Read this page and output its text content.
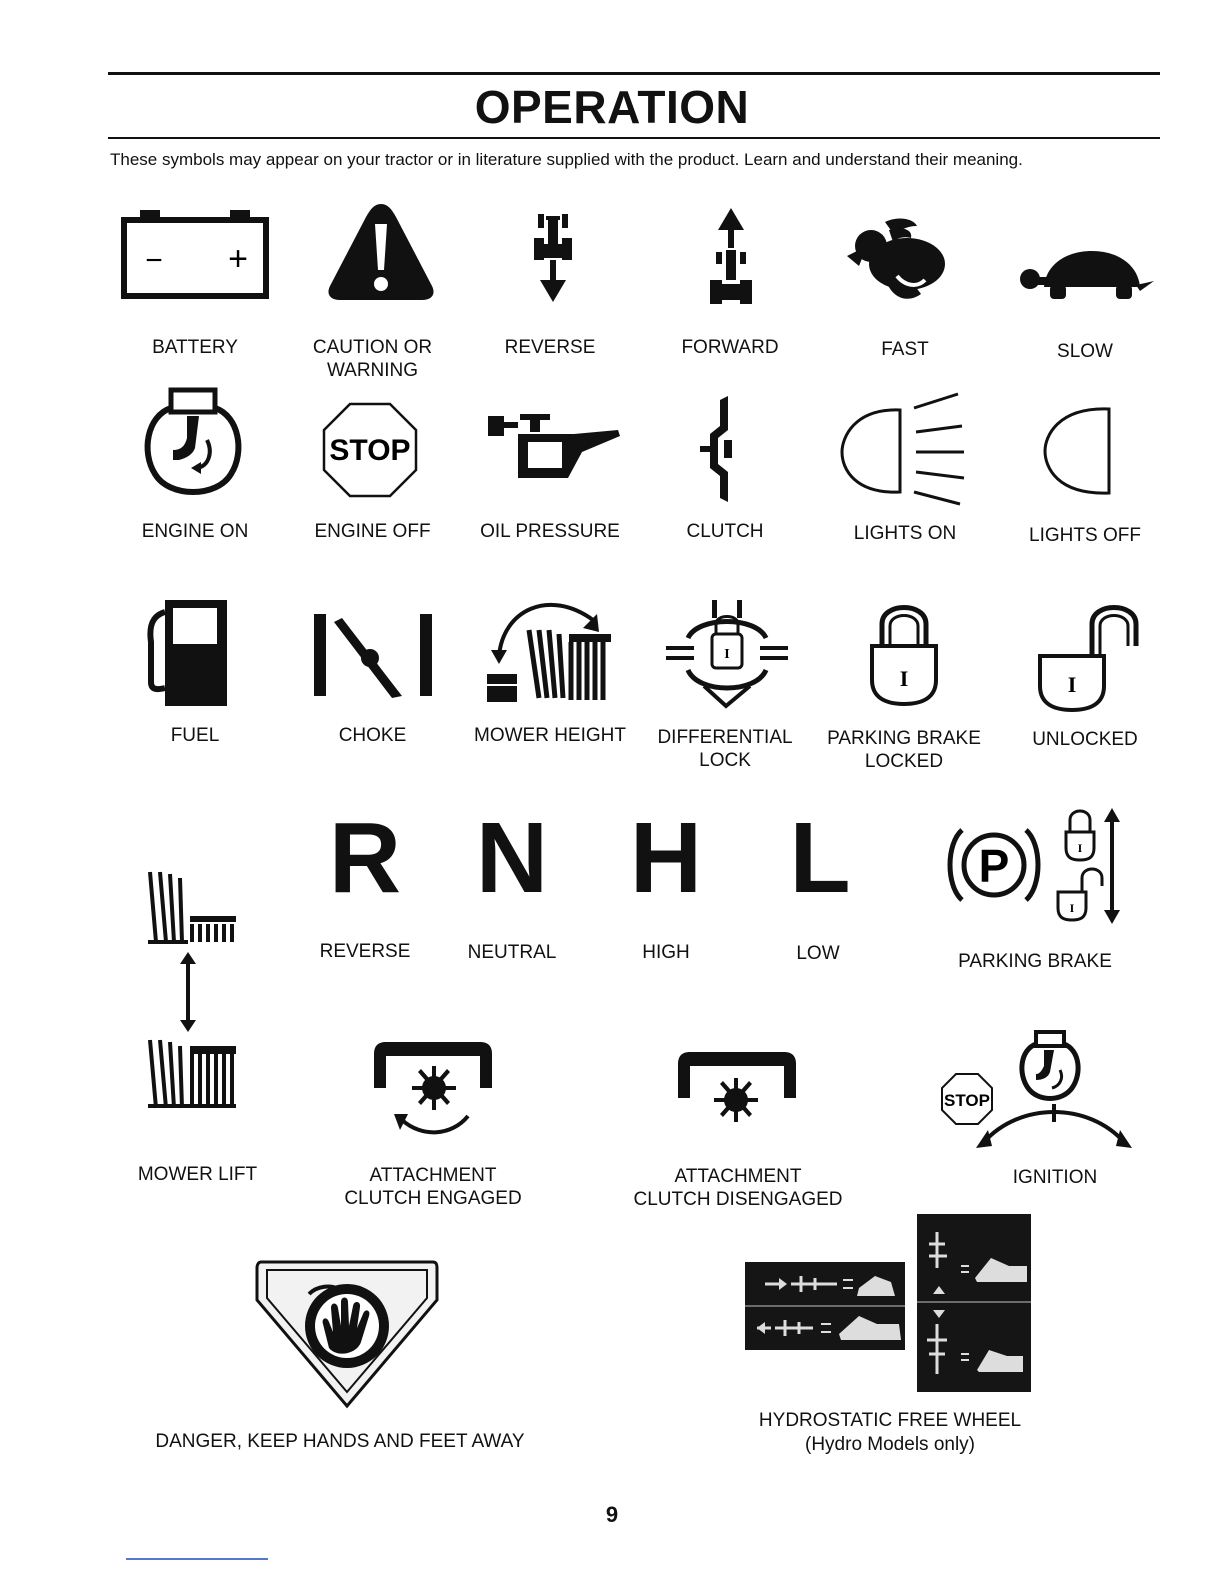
OPERATION
These symbols may appear on your tractor or in literature supplied with the product. Learn and understand their meaning.
− +
BATTERY	CAUTION OR
WARNING
REVERSE	FORWARD	FAST	SLOW
ENGINE ON
STOP
ENGINE OFF	OIL PRESSURE	CLUTCH	LIGHTS ON	LIGHTS OFF
FUEL	CHOKE	MOWER HEIGHT
I
DIFFERENTIAL
LOCK
I
PARKING BRAKE
LOCKED
I
UNLOCKED
R N H L
REVERSE	NEUTRAL	HIGH	LOW
P	I
I
PARKING BRAKE
MOWER LIFT	ATTACHMENT
CLUTCH ENGAGED
ATTACHMENT
CLUTCH DISENGAGED
STOP
IGNITION
DANGER, KEEP HANDS AND FEET AWAY
HYDROSTATIC FREE WHEEL
(Hydro Models only)
9
